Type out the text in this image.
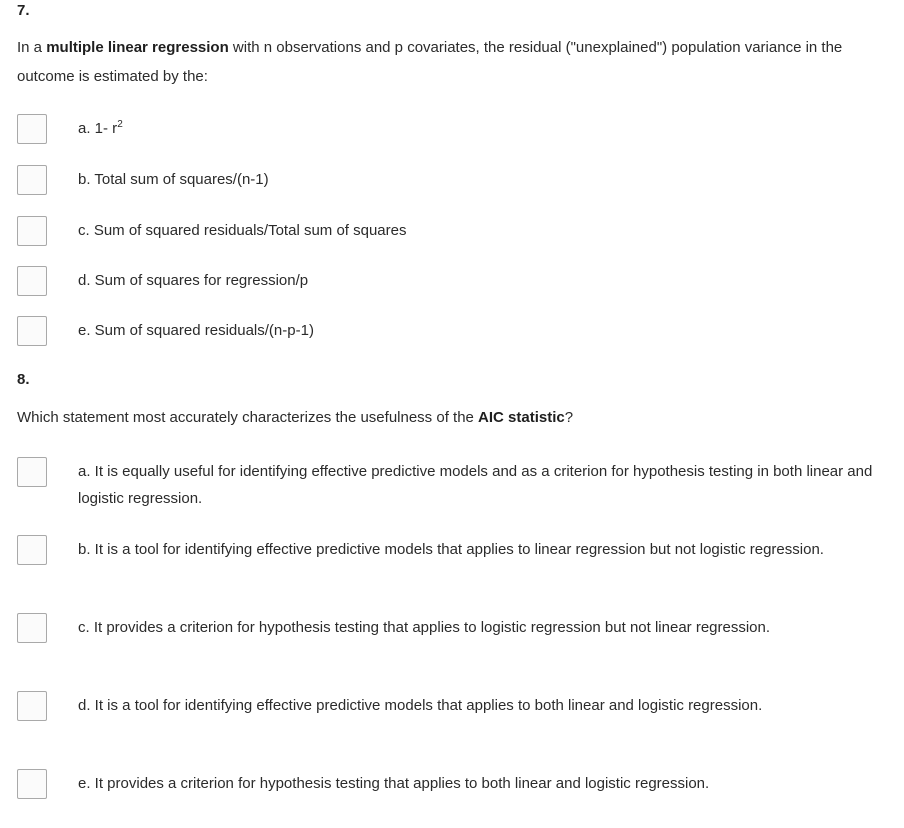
7.
In a multiple linear regression with n observations and p covariates, the residual ("unexplained") population variance in the outcome is estimated by the:
a. 1- $r^2$
b. Total sum of squares/(n-1)
c. Sum of squared residuals/Total sum of squares
d. Sum of squares for regression/p
e. Sum of squared residuals/(n-p-1)
8.
Which statement most accurately characterizes the usefulness of the AIC statistic?
a. It is equally useful for identifying effective predictive models and as a criterion for hypothesis testing in both linear and logistic regression.
b. It is a tool for identifying effective predictive models that applies to linear regression but not logistic regression.
c. It provides a criterion for hypothesis testing that applies to logistic regression but not linear regression.
d. It is a tool for identifying effective predictive models that applies to both linear and logistic regression.
e. It provides a criterion for hypothesis testing that applies to both linear and logistic regression.
